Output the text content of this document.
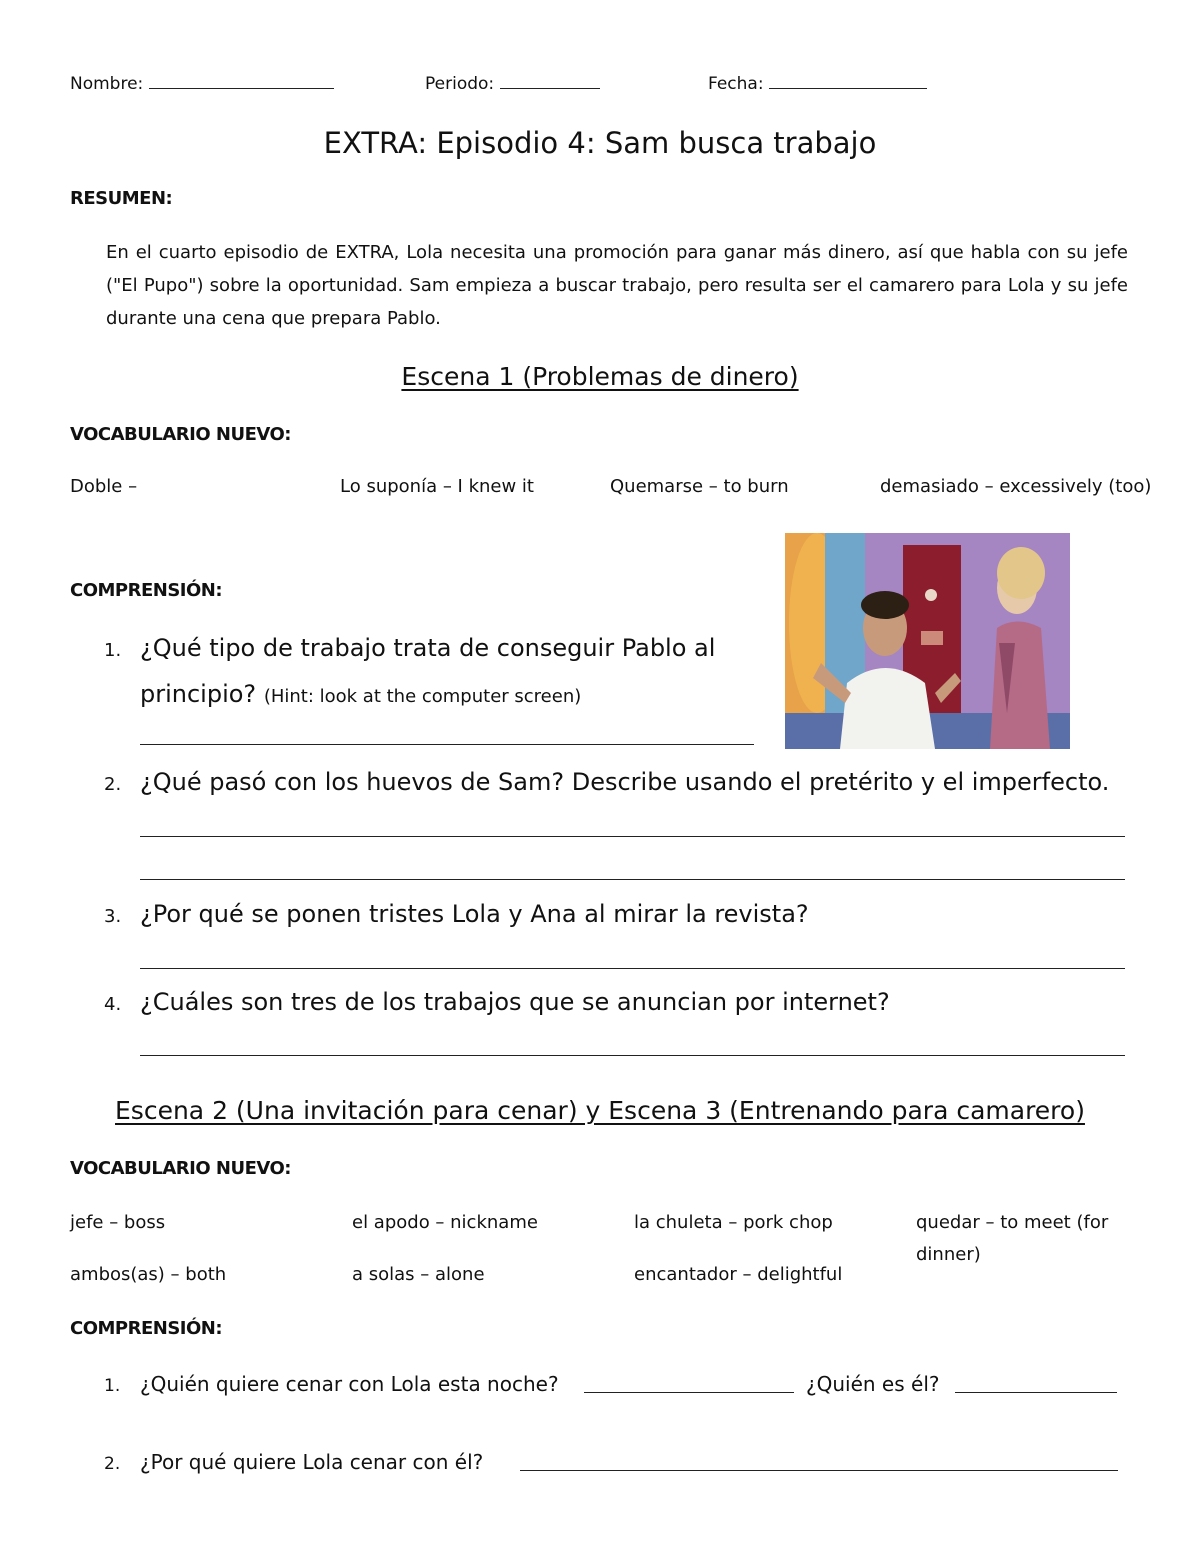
Nombre:	Periodo:	Fecha:
EXTRA: Episodio 4: Sam busca trabajo
RESUMEN:
En el cuarto episodio de EXTRA, Lola necesita una promoción para ganar más dinero, así que habla con su jefe ("El Pupo") sobre la oportunidad. Sam empieza a buscar trabajo, pero resulta ser el camarero para Lola y su jefe durante una cena que prepara Pablo.
Escena 1 (Problemas de dinero)
VOCABULARIO NUEVO:
Doble –	Lo suponía – I knew it	Quemarse – to burn	demasiado – excessively (too)
COMPRENSIÓN:
1. ¿Qué tipo de trabajo trata de conseguir Pablo al
principio? (Hint: look at the computer screen)
2. ¿Qué pasó con los huevos de Sam? Describe usando el pretérito y el imperfecto.
3. ¿Por qué se ponen tristes Lola y Ana al mirar la revista?
4. ¿Cuáles son tres de los trabajos que se anuncian por internet?
Escena 2 (Una invitación para cenar) y Escena 3 (Entrenando para camarero)
VOCABULARIO NUEVO:
jefe – boss	el apodo – nickname	la chuleta – pork chop	quedar – to meet (for
dinner)
ambos(as) – both	a solas – alone	encantador – delightful
COMPRENSIÓN:
1. ¿Quién quiere cenar con Lola esta noche?	¿Quién es él?
2. ¿Por qué quiere Lola cenar con él?
